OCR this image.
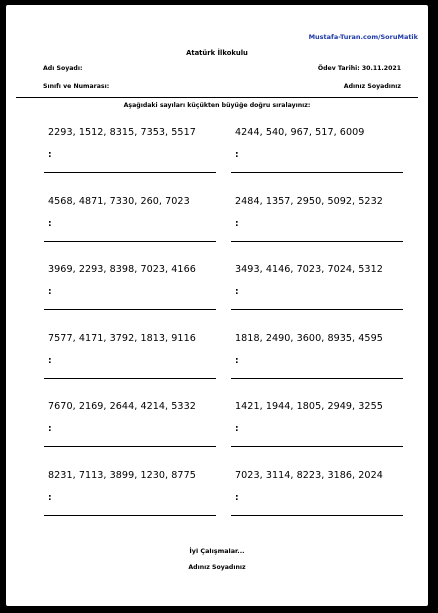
Mustafa-Turan.com/SoruMatik
Atatürk İlkokulu
Adı Soyadı:	Ödev Tarihi: 30.11.2021
Sınıfı ve Numarası:	Adınız Soyadınız
Aşağıdaki sayıları küçükten büyüğe doğru sıralayınız:
2293, 1512, 8315, 7353, 5517
:
4244, 540, 967, 517, 6009
:
4568, 4871, 7330, 260, 7023
:
2484, 1357, 2950, 5092, 5232
:
3969, 2293, 8398, 7023, 4166
:
3493, 4146, 7023, 7024, 5312
:
7577, 4171, 3792, 1813, 9116
:
1818, 2490, 3600, 8935, 4595
:
7670, 2169, 2644, 4214, 5332
:
1421, 1944, 1805, 2949, 3255
:
8231, 7113, 3899, 1230, 8775
:
7023, 3114, 8223, 3186, 2024
:
İyi Çalışmalar...
Adınız Soyadınız
